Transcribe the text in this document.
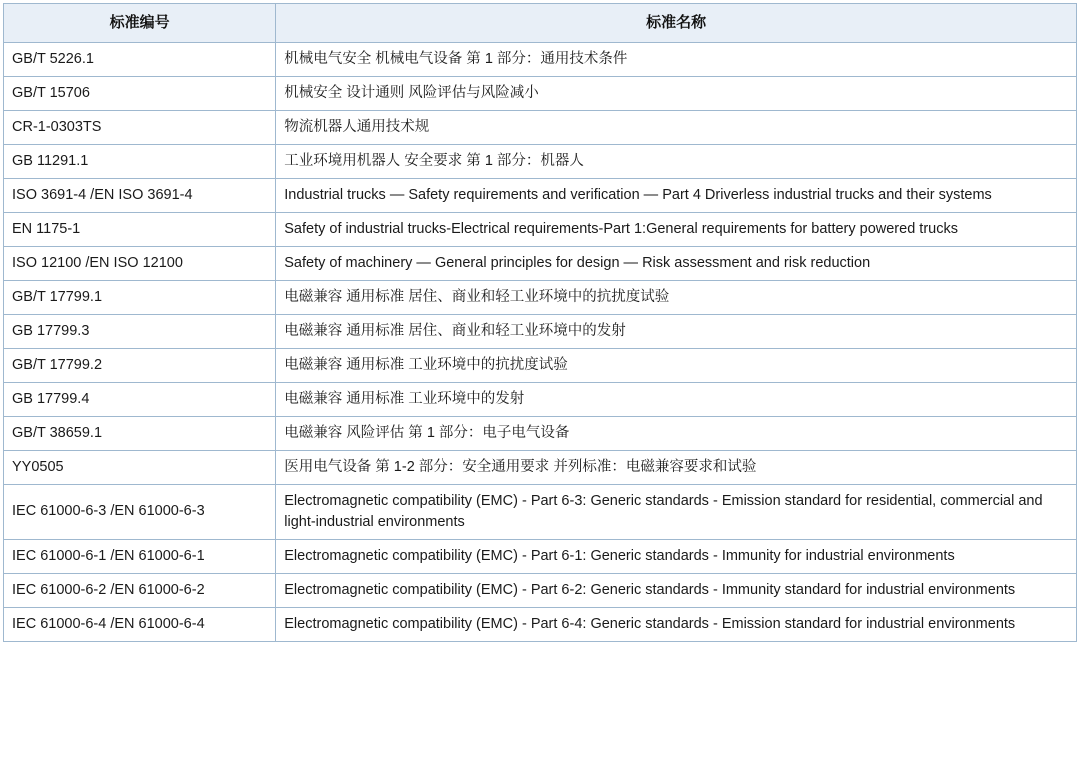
标准编号	标准名称
GB/T 5226.1	机械电气安全 机械电气设备 第 1 部分：通用技术条件
GB/T 15706	机械安全 设计通则 风险评估与风险减小
CR-1-0303TS	物流机器人通用技术规
GB 11291.1	工业环境用机器人 安全要求 第 1 部分：机器人
ISO 3691-4 /EN ISO 3691-4	Industrial trucks — Safety requirements and verification — Part 4 Driverless industrial trucks and their systems
EN 1175-1	Safety of industrial trucks-Electrical requirements-Part 1:General requirements for battery powered trucks
ISO 12100 /EN ISO 12100	Safety of machinery — General principles for design — Risk assessment and risk reduction
GB/T 17799.1	电磁兼容 通用标准 居住、商业和轻工业环境中的抗扰度试验
GB 17799.3	电磁兼容 通用标准 居住、商业和轻工业环境中的发射
GB/T 17799.2	电磁兼容 通用标准 工业环境中的抗扰度试验
GB 17799.4	电磁兼容 通用标准 工业环境中的发射
GB/T 38659.1	电磁兼容 风险评估 第 1 部分：电子电气设备
YY0505	医用电气设备 第 1-2 部分：安全通用要求 并列标准：电磁兼容要求和试验
IEC 61000-6-3 /EN 61000-6-3	Electromagnetic compatibility (EMC) - Part 6-3: Generic standards - Emission standard for residential, commercial and light-industrial environments
IEC 61000-6-1 /EN 61000-6-1	Electromagnetic compatibility (EMC) - Part 6-1: Generic standards - Immunity for industrial environments
IEC 61000-6-2 /EN 61000-6-2	Electromagnetic compatibility (EMC) - Part 6-2: Generic standards - Immunity standard for industrial environments
IEC 61000-6-4 /EN 61000-6-4	Electromagnetic compatibility (EMC) - Part 6-4: Generic standards - Emission standard for industrial environments
